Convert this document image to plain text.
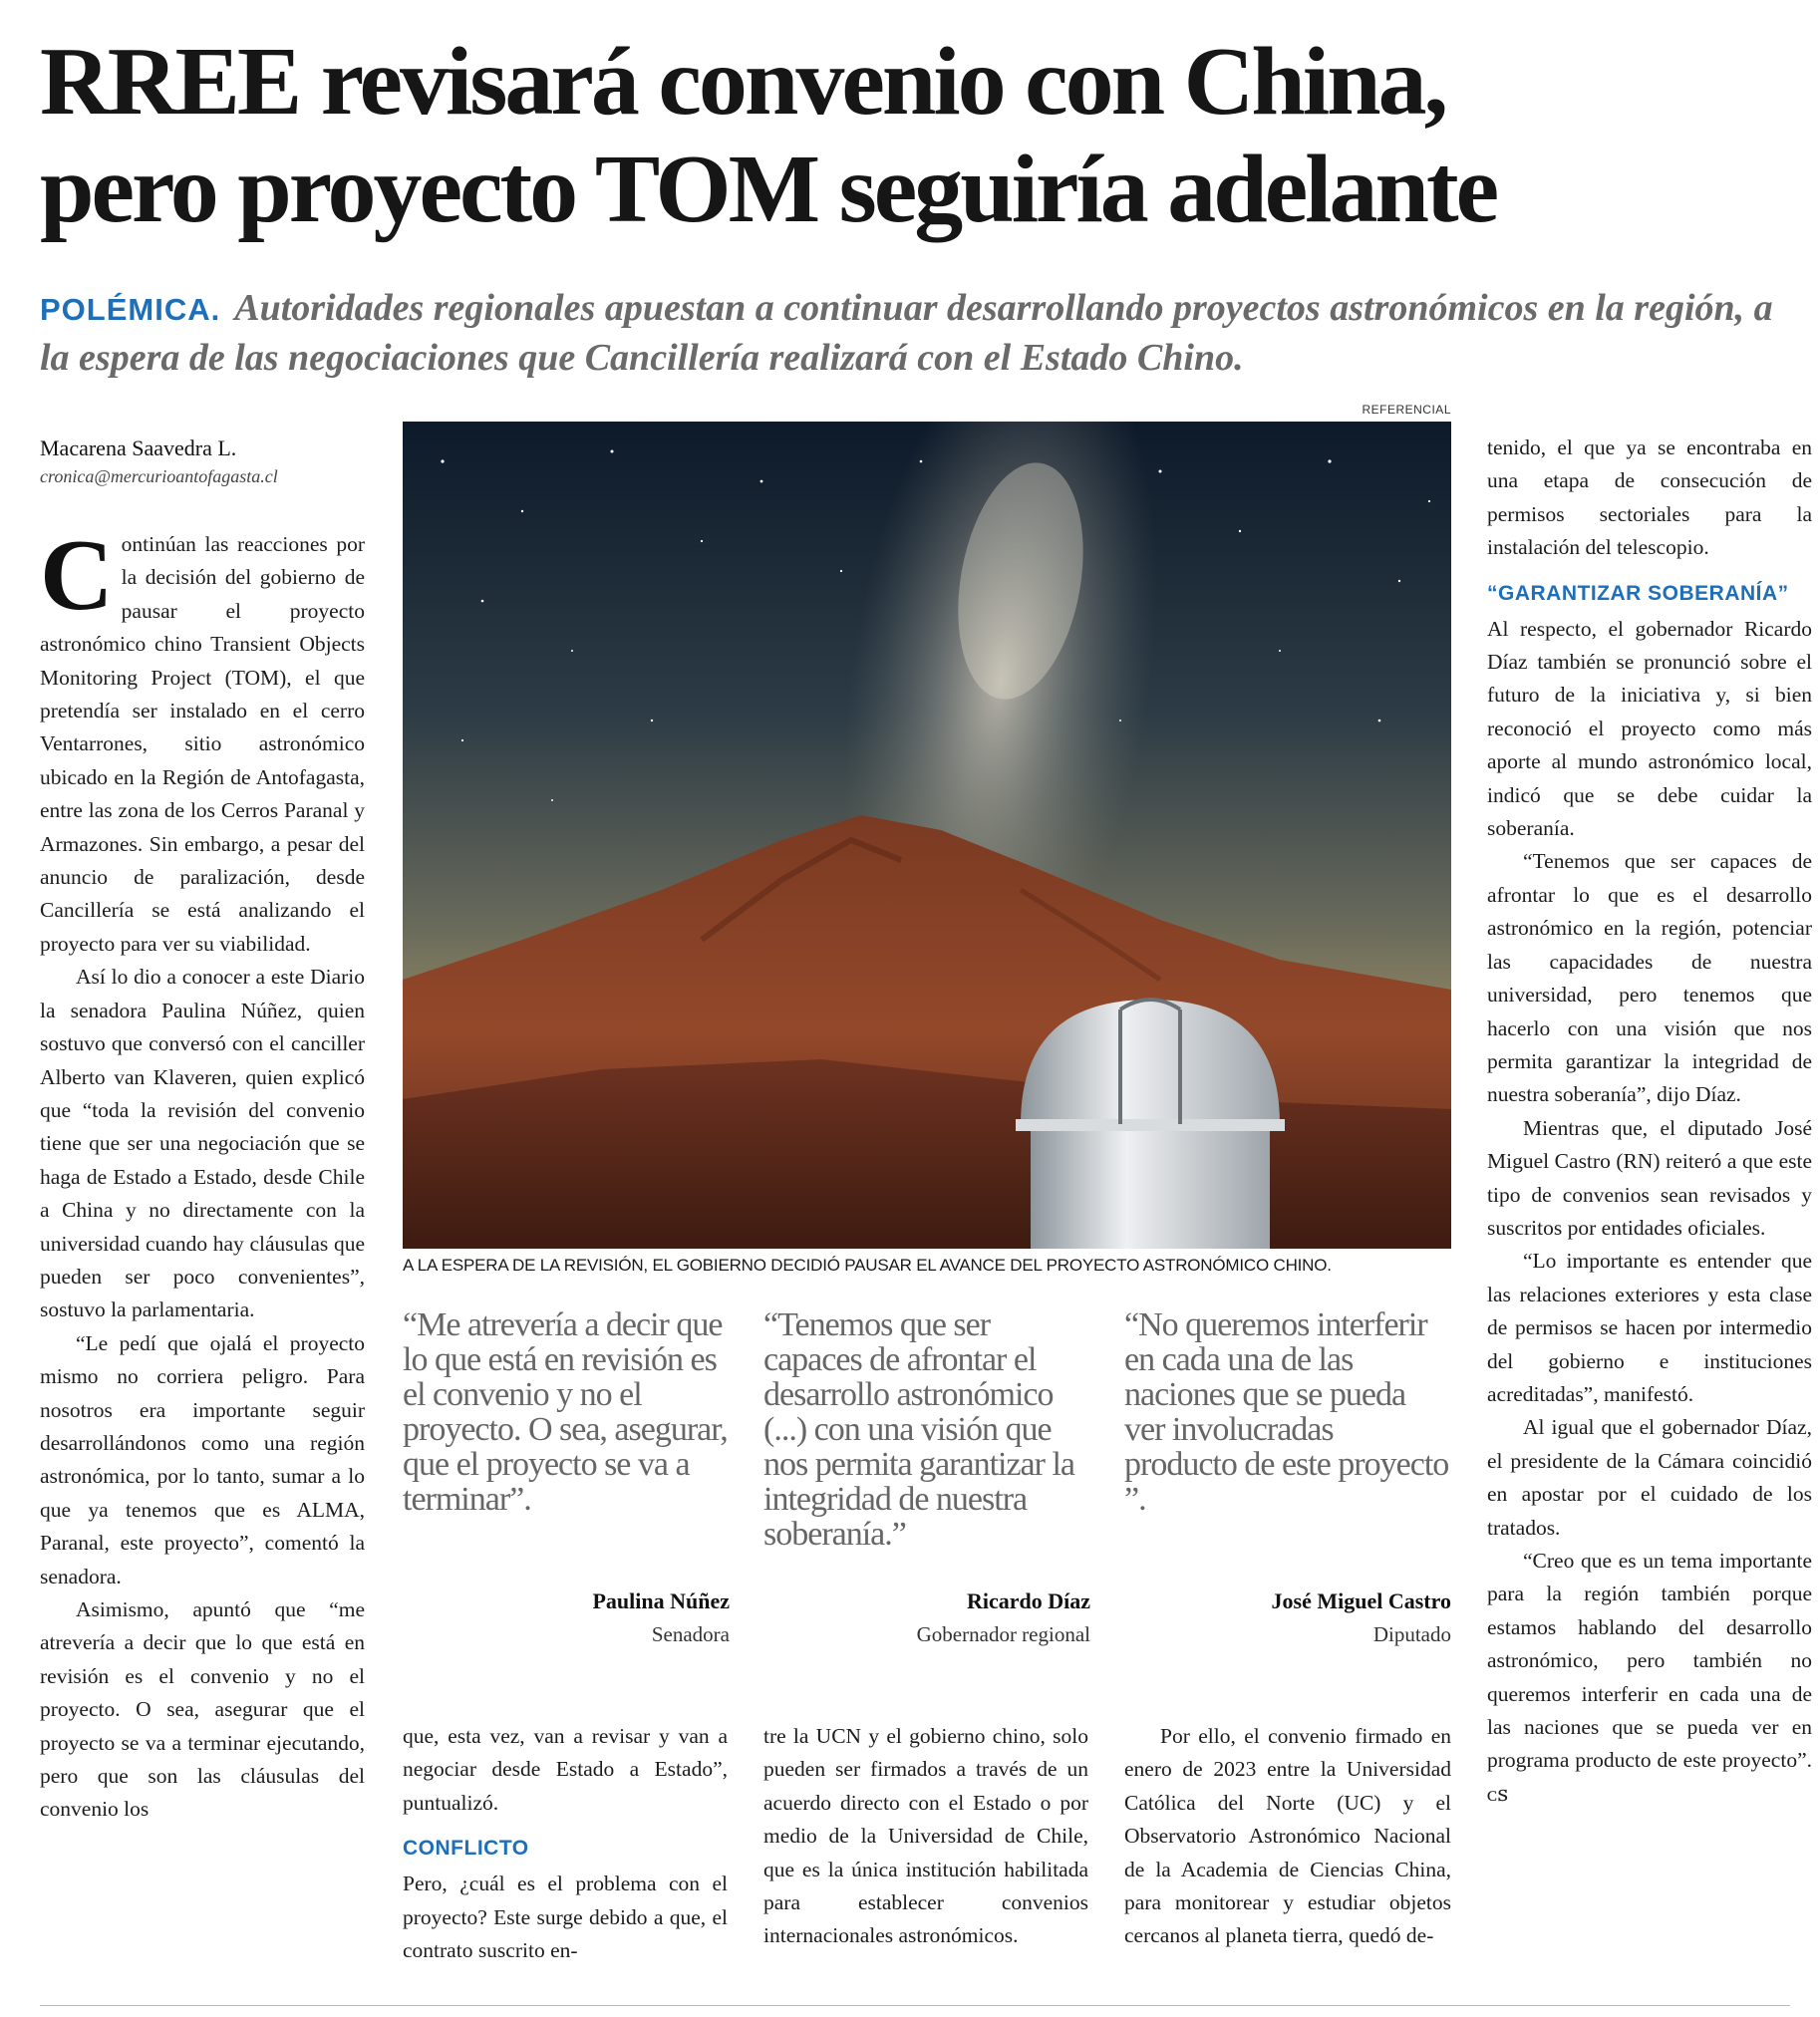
RREE revisará convenio con China,
pero proyecto TOM seguiría adelante

POLÉMICA. Autoridades regionales apuestan a continuar desarrollando proyectos astronómicos en la región, a la espera de las negociaciones que Cancillería realizará con el Estado Chino.

Macarena Saavedra L.
cronica@mercurioantofagasta.cl

Continúan las reacciones por la decisión del gobierno de pausar el proyecto astronómico chino Transient Objects Monitoring Project (TOM), el que pretendía ser instalado en el cerro Ventarrones, sitio astronómico ubicado en la Región de Antofagasta, entre las zona de los Cerros Paranal y Armazones. Sin embargo, a pesar del anuncio de paralización, desde Cancillería se está analizando el proyecto para ver su viabilidad.

Así lo dio a conocer a este Diario la senadora Paulina Núñez, quien sostuvo que conversó con el canciller Alberto van Klaveren, quien explicó que “toda la revisión del convenio tiene que ser una negociación que se haga de Estado a Estado, desde Chile a China y no directamente con la universidad cuando hay cláusulas que pueden ser poco convenientes”, sostuvo la parlamentaria.

“Le pedí que ojalá el proyecto mismo no corriera peligro. Para nosotros era importante seguir desarrollándonos como una región astronómica, por lo tanto, sumar a lo que ya tenemos que es ALMA, Paranal, este proyecto”, comentó la senadora.

Asimismo, apuntó que “me atrevería a decir que lo que está en revisión es el convenio y no el proyecto. O sea, asegurar que el proyecto se va a terminar ejecutando, pero que son las cláusulas del convenio los

REFERENCIAL
A LA ESPERA DE LA REVISIÓN, EL GOBIERNO DECIDIÓ PAUSAR EL AVANCE DEL PROYECTO ASTRONÓMICO CHINO.
“Me atrevería a decir que lo que está en revisión es el convenio y no el proyecto. O sea, asegurar, que el proyecto se va a terminar”.
Paulina Núñez
Senadora
“Tenemos que ser capaces de afrontar el desarrollo astronómico (...) con una visión que nos permita garantizar la integridad de nuestra soberanía.”
Ricardo Díaz
Gobernador regional
“No queremos interferir en cada una de las naciones que se pueda ver involucradas producto de este proyecto ”.
José Miguel Castro
Diputado

que, esta vez, van a revisar y van a negociar desde Estado a Estado”, puntualizó.

CONFLICTO

Pero, ¿cuál es el problema con el proyecto? Este surge debido a que, el contrato suscrito en-

tre la UCN y el gobierno chino, solo pueden ser firmados a través de un acuerdo directo con el Estado o por medio de la Universidad de Chile, que es la única institución habilitada para establecer convenios internacionales astronómicos.

Por ello, el convenio firmado en enero de 2023 entre la Universidad Católica del Norte (UC) y el Observatorio Astronómico Nacional de la Academia de Ciencias China, para monitorear y estudiar objetos cercanos al planeta tierra, quedó de-

tenido, el que ya se encontraba en una etapa de consecución de permisos sectoriales para la instalación del telescopio.

“GARANTIZAR SOBERANÍA”

Al respecto, el gobernador Ricardo Díaz también se pronunció sobre el futuro de la iniciativa y, si bien reconoció el proyecto como más aporte al mundo astronómico local, indicó que se debe cuidar la soberanía.

“Tenemos que ser capaces de afrontar lo que es el desarrollo astronómico en la región, potenciar las capacidades de nuestra universidad, pero tenemos que hacerlo con una visión que nos permita garantizar la integridad de nuestra soberanía”, dijo Díaz.

Mientras que, el diputado José Miguel Castro (RN) reiteró a que este tipo de convenios sean revisados y suscritos por entidades oficiales.

“Lo importante es entender que las relaciones exteriores y esta clase de permisos se hacen por intermedio del gobierno e instituciones acreditadas”, manifestó.

Al igual que el gobernador Díaz, el presidente de la Cámara coincidió en apostar por el cuidado de los tratados.

“Creo que es un tema importante para la región también porque estamos hablando del desarrollo astronómico, pero también no queremos interferir en cada una de las naciones que se pueda ver en programa producto de este proyecto”. ᴄꜱ
